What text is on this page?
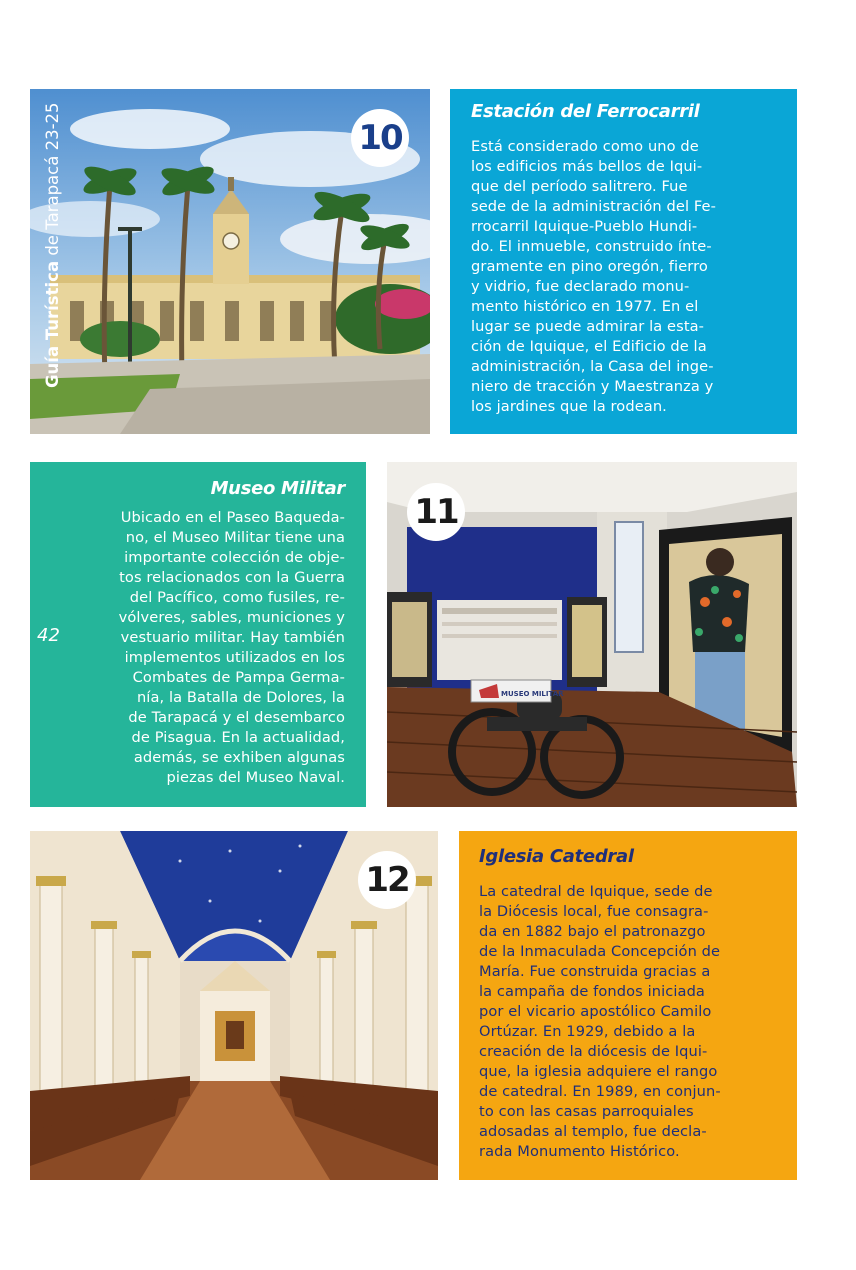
10
Guía Turística de Tarapacá 23-25	Estación del Ferrocarril

Está considerado como uno de
los edificios más bellos de Iqui-
que del período salitrero. Fue
sede de la administración del Fe-
rrocarril Iquique-Pueblo Hundi-
do. El inmueble, construido ínte-
gramente en pino oregón, fierro
y vidrio, fue declarado monu-
mento histórico en 1977. En el
lugar se puede admirar la esta-
ción de Iquique, el Edificio de la
administración, la Casa del inge-
niero de tracción y Maestranza y
los jardines que la rodean.

Museo Militar

Ubicado en el Paseo Baqueda-
no, el Museo Militar tiene una
importante colección de obje-
tos relacionados con la Guerra
del Pacífico, como fusiles, re-
vólveres, sables, municiones y
vestuario militar. Hay también
implementos utilizados en los
Combates de Pampa Germa-
nía, la Batalla de Dolores, la
de Tarapacá y el desembarco
de Pisagua. En la actualidad,
además, se exhiben algunas
piezas del Museo Naval.

42
MUSEO MILITAR
11
12
Iglesia Catedral

La catedral de Iquique, sede de
la Diócesis local, fue consagra-
da en 1882 bajo el patronazgo
de la Inmaculada Concepción de
María. Fue construida gracias a
la campaña de fondos iniciada
por el vicario apostólico Camilo
Ortúzar. En 1929, debido a la
creación de la diócesis de Iqui-
que, la iglesia adquiere el rango
de catedral. En 1989, en conjun-
to con las casas parroquiales
adosadas al templo, fue decla-
rada Monumento Histórico.
